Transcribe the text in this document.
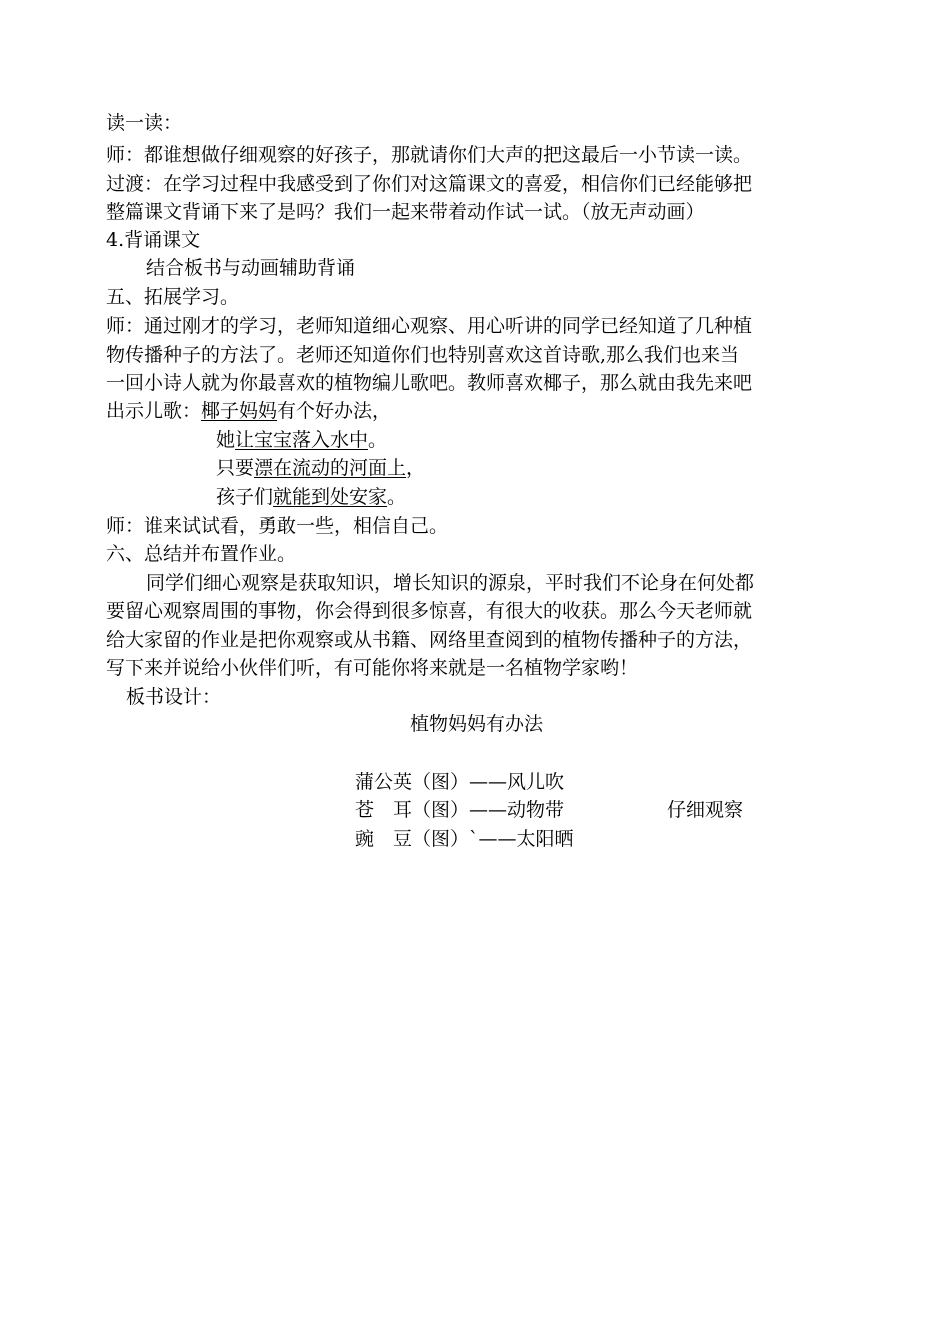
读一读：
师：都谁想做仔细观察的好孩子，那就请你们大声的把这最后一小节读一读。
过渡：在学习过程中我感受到了你们对这篇课文的喜爱，相信你们已经能够把
整篇课文背诵下来了是吗？我们一起来带着动作试一试。（放无声动画）
4.背诵课文
结合板书与动画辅助背诵
五、拓展学习。
师：通过刚才的学习，老师知道细心观察、用心听讲的同学已经知道了几种植
物传播种子的方法了。老师还知道你们也特别喜欢这首诗歌,那么我们也来当
一回小诗人就为你最喜欢的植物编儿歌吧。教师喜欢椰子，那么就由我先来吧
出示儿歌：椰子妈妈有个好办法，
她让宝宝落入水中。
只要漂在流动的河面上，
孩子们就能到处安家。
师：谁来试试看，勇敢一些，相信自己。
六、总结并布置作业。
同学们细心观察是获取知识，增长知识的源泉，平时我们不论身在何处都
要留心观察周围的事物，你会得到很多惊喜，有很大的收获。那么今天老师就
给大家留的作业是把你观察或从书籍、网络里查阅到的植物传播种子的方法，
写下来并说给小伙伴们听，有可能你将来就是一名植物学家哟！
板书设计：
植物妈妈有办法
蒲公英（图）——风儿吹
苍　耳（图）——动物带
豌　豆（图）`——太阳晒
仔细观察
